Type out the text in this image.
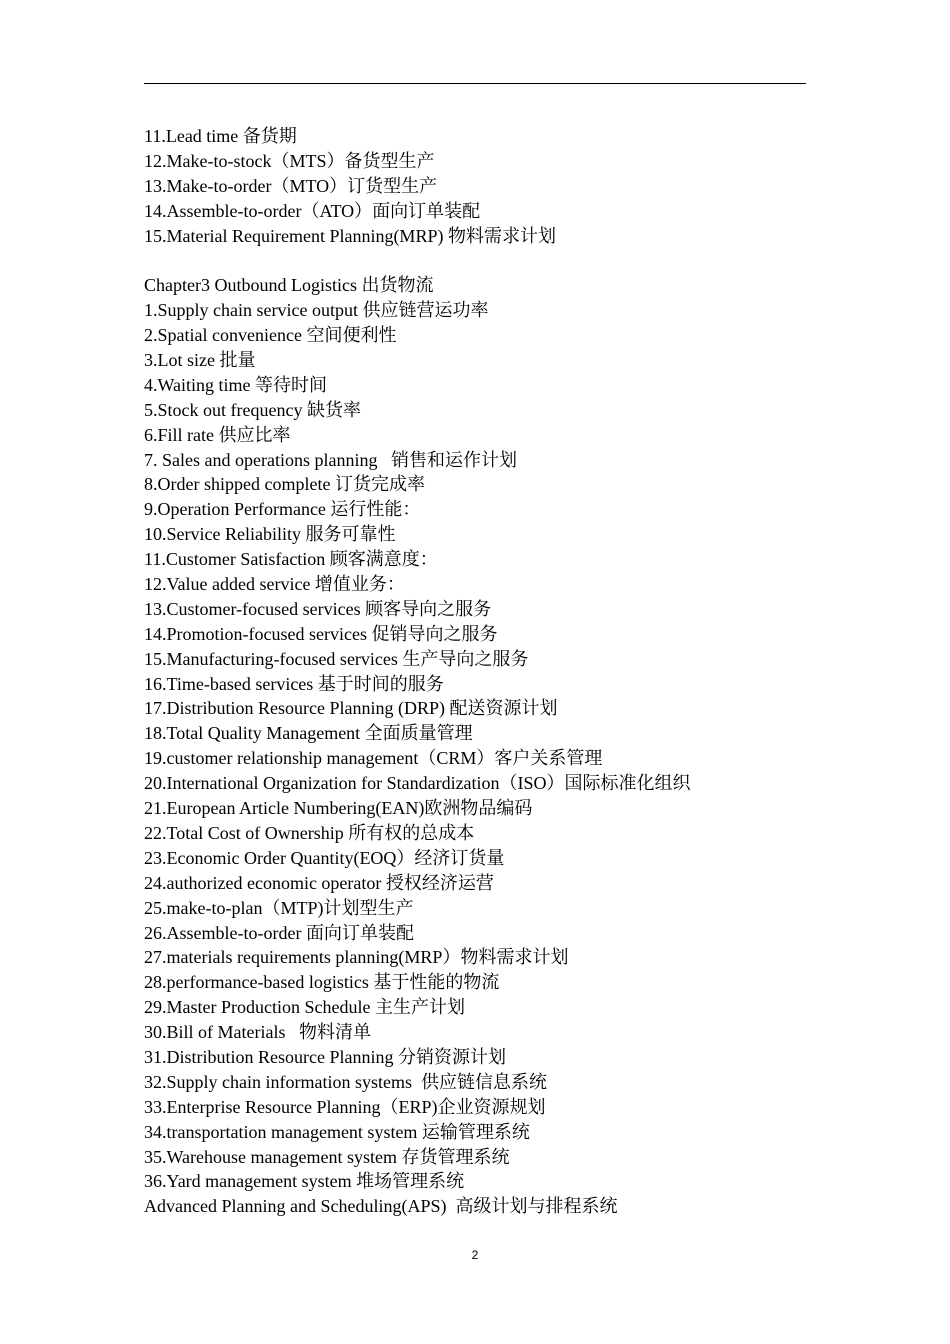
11.Lead time 备货期
12.Make-to-stock（MTS）备货型生产
13.Make-to-order（MTO）订货型生产
14.Assemble-to-order（ATO）面向订单装配
15.Material Requirement Planning(MRP) 物料需求计划
Chapter3 Outbound Logistics 出货物流
1.Supply chain service output 供应链营运功率
2.Spatial convenience 空间便利性
3.Lot size 批量
4.Waiting time 等待时间
5.Stock out frequency 缺货率
6.Fill rate 供应比率
7. Sales and operations planning   销售和运作计划
8.Order shipped complete 订货完成率
9.Operation Performance 运行性能：
10.Service Reliability 服务可靠性
11.Customer Satisfaction 顾客满意度：
12.Value added service 增值业务：
13.Customer-focused services 顾客导向之服务
14.Promotion-focused services 促销导向之服务
15.Manufacturing-focused services 生产导向之服务
16.Time-based services 基于时间的服务
17.Distribution Resource Planning (DRP) 配送资源计划
18.Total Quality Management 全面质量管理
19.customer relationship management（CRM）客户关系管理
20.International Organization for Standardization（ISO）国际标准化组织
21.European Article Numbering(EAN)欧洲物品编码
22.Total Cost of Ownership 所有权的总成本
23.Economic Order Quantity(EOQ）经济订货量
24.authorized economic operator 授权经济运营
25.make-to-plan（MTP)计划型生产
26.Assemble-to-order 面向订单装配
27.materials requirements planning(MRP）物料需求计划
28.performance-based logistics 基于性能的物流
29.Master Production Schedule 主生产计划
30.Bill of Materials   物料清单
31.Distribution Resource Planning 分销资源计划
32.Supply chain information systems  供应链信息系统
33.Enterprise Resource Planning（ERP)企业资源规划
34.transportation management system 运输管理系统
35.Warehouse management system 存货管理系统
36.Yard management system 堆场管理系统
Advanced Planning and Scheduling(APS)  高级计划与排程系统
2
